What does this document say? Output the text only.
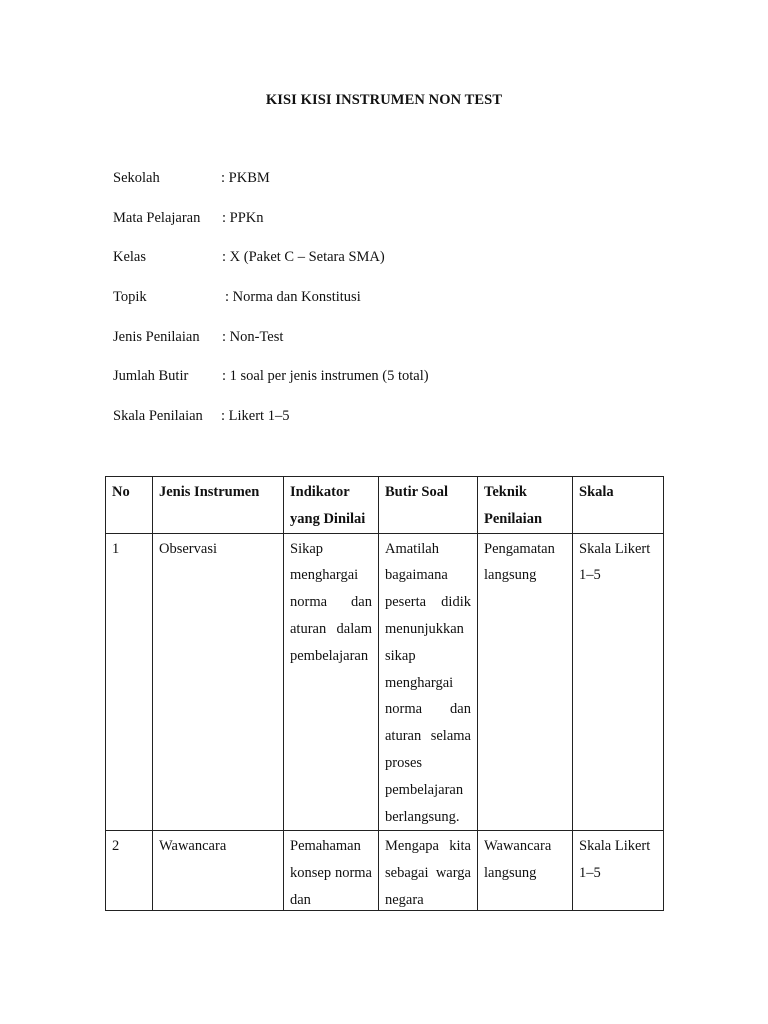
KISI KISI INSTRUMEN NON TEST
Sekolah	: PKBM
Mata Pelajaran : PPKn
Kelas	: X (Paket C – Setara SMA)
Topik	: Norma dan Konstitusi
Jenis Penilaian : Non-Test
Jumlah Butir : 1 soal per jenis instrumen (5 total)
Skala Penilaian : Likert 1–5
No	Jenis Instrumen	Indikator yang Dinilai	Butir Soal	Teknik Penilaian	Skala
1	Observasi	Sikap menghargai norma dan aturan dalam pembelajaran	Amatilah bagaimana peserta didik menunjukkan sikap menghargai norma dan aturan selama proses pembelajaran berlangsung.	Pengamatan langsung	Skala Likert 1–5

2	Wawancara	Pemahaman konsep norma dan	Mengapa kita sebagai warga negara	Wawancara langsung	Skala Likert 1–5
